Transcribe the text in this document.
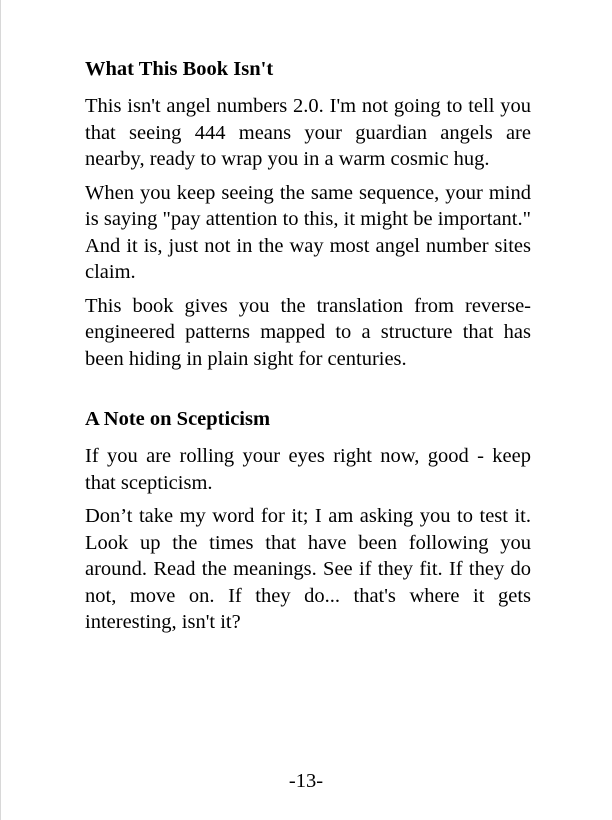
What This Book Isn't

This isn't angel numbers 2.0. I'm not going to tell you that seeing 444 means your guardian angels are nearby, ready to wrap you in a warm cosmic hug.

When you keep seeing the same sequence, your mind is saying "pay attention to this, it might be important." And it is, just not in the way most angel number sites claim.

This book gives you the translation from reverse-engineered patterns mapped to a structure that has been hiding in plain sight for centuries.

A Note on Scepticism

If you are rolling your eyes right now, good - keep that scepticism.

Don’t take my word for it; I am asking you to test it. Look up the times that have been following you around. Read the meanings. See if they fit. If they do not, move on. If they do... that's where it gets interesting, isn't it?

-13-
